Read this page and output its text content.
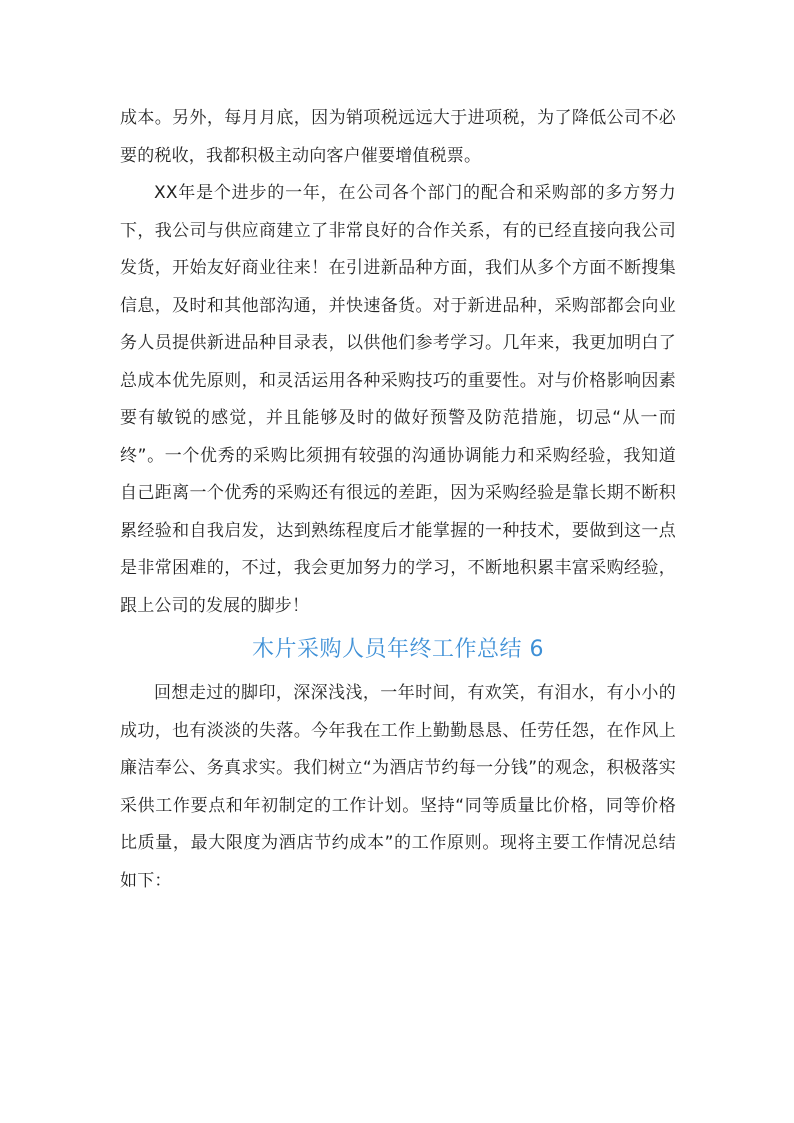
成本。另外，每月月底，因为销项税远远大于进项税，为了降低公司不必要的税收，我都积极主动向客户催要增值税票。

XX年是个进步的一年，在公司各个部门的配合和采购部的多方努力下，我公司与供应商建立了非常良好的合作关系，有的已经直接向我公司发货，开始友好商业往来！在引进新品种方面，我们从多个方面不断搜集信息，及时和其他部沟通，并快速备货。对于新进品种，采购部都会向业务人员提供新进品种目录表，以供他们参考学习。几年来，我更加明白了总成本优先原则，和灵活运用各种采购技巧的重要性。对与价格影响因素要有敏锐的感觉，并且能够及时的做好预警及防范措施，切忌“从一而终”。一个优秀的采购比须拥有较强的沟通协调能力和采购经验，我知道自己距离一个优秀的采购还有很远的差距，因为采购经验是靠长期不断积累经验和自我启发，达到熟练程度后才能掌握的一种技术，要做到这一点是非常困难的，不过，我会更加努力的学习，不断地积累丰富采购经验，跟上公司的发展的脚步！

木片采购人员年终工作总结 6

回想走过的脚印，深深浅浅，一年时间，有欢笑，有泪水，有小小的成功，也有淡淡的失落。今年我在工作上勤勤恳恳、任劳任怨，在作风上廉洁奉公、务真求实。我们树立“为酒店节约每一分钱”的观念，积极落实采供工作要点和年初制定的工作计划。坚持“同等质量比价格，同等价格比质量，最大限度为酒店节约成本”的工作原则。现将主要工作情况总结如下：
